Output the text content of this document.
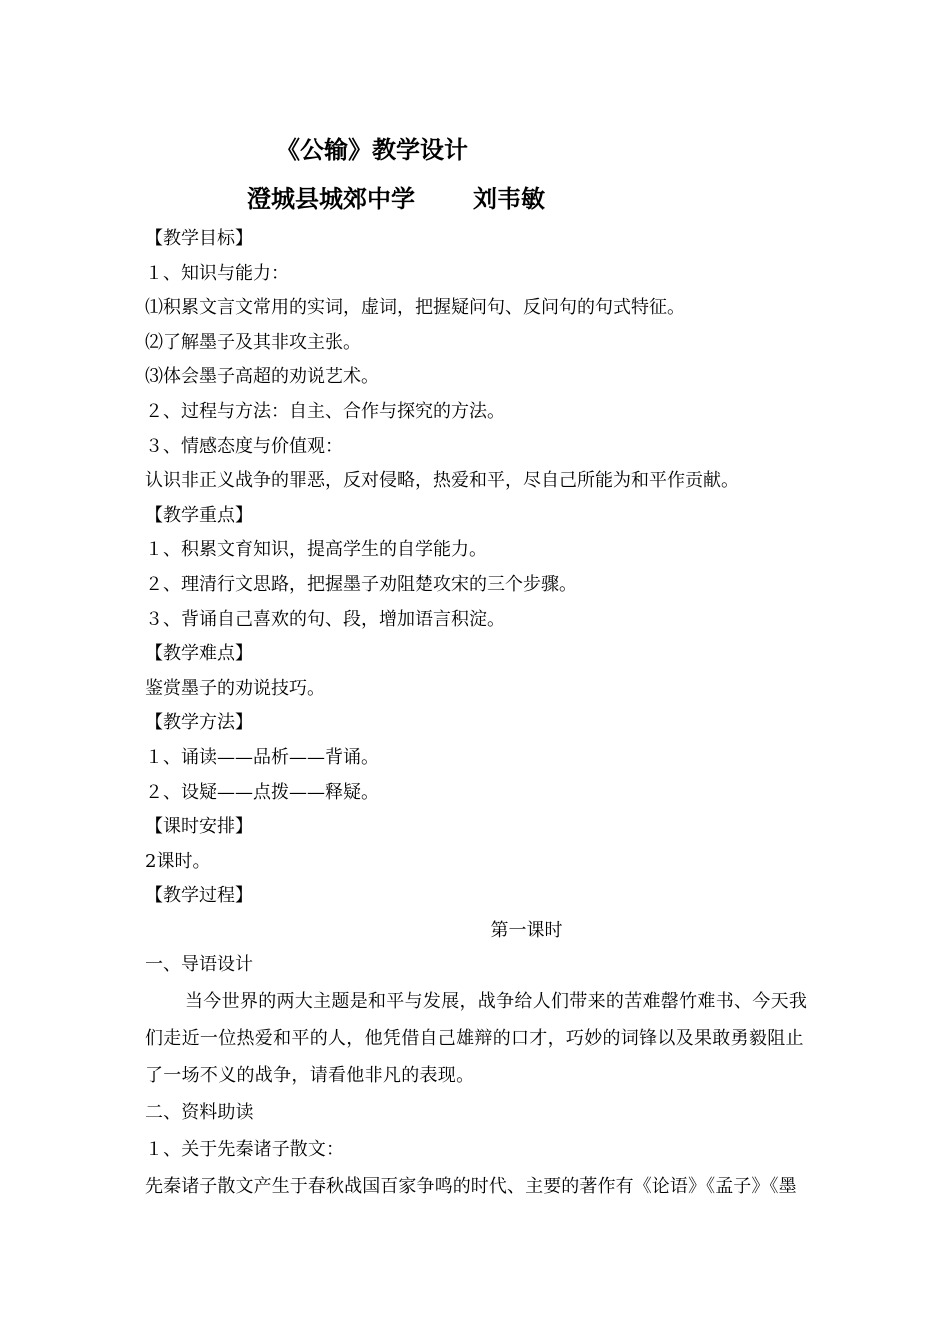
《公输》教学设计
澄城县城郊中学 刘韦敏
【教学目标】
１、知识与能力：
⑴积累文言文常用的实词，虚词，把握疑问句、反问句的句式特征。
⑵了解墨子及其非攻主张。
⑶体会墨子高超的劝说艺术。
２、过程与方法：自主、合作与探究的方法。
３、情感态度与价值观：
认识非正义战争的罪恶，反对侵略，热爱和平，尽自己所能为和平作贡献。
【教学重点】
１、积累文育知识，提高学生的自学能力。
２、理清行文思路，把握墨子劝阻楚攻宋的三个步骤。
３、背诵自己喜欢的句、段，增加语言积淀。
【教学难点】
鉴赏墨子的劝说技巧。
【教学方法】
１、诵读——品析——背诵。
２、设疑——点拨——释疑。
【课时安排】
2课时。
【教学过程】
第一课时
一、导语设计

当今世界的两大主题是和平与发展，战争给人们带来的苦难罄竹难书、今天我们走近一位热爱和平的人，他凭借自己雄辩的口才，巧妙的词锋以及果敢勇毅阻止了一场不义的战争，请看他非凡的表现。

二、资料助读
１、关于先秦诸子散文：
先秦诸子散文产生于春秋战国百家争鸣的时代、主要的著作有《论语》《孟子》《墨
